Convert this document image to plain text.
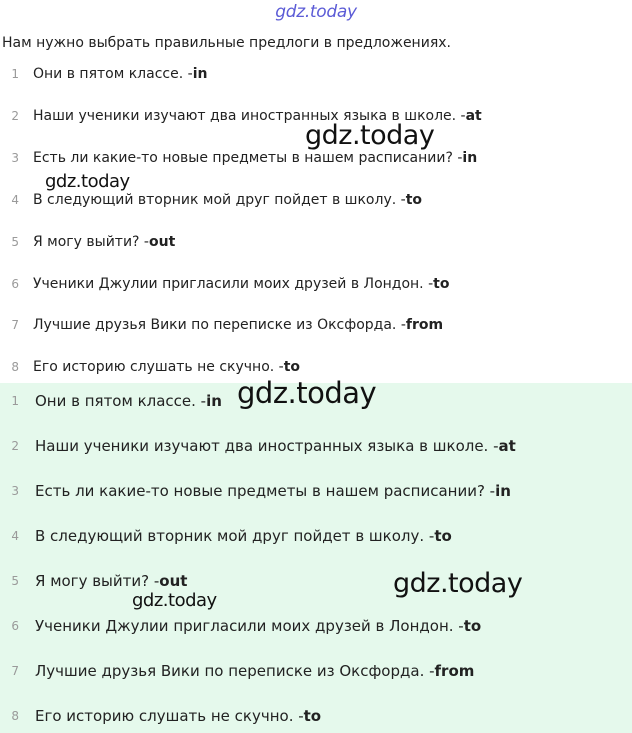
gdz.today
Нам нужно выбрать правильные предлоги в предложениях.
1 Они в пятом классе. - in
2 Наши ученики изучают два иностранных языка в школе. - at
3 Есть ли какие-то новые предметы в нашем расписании? - in
4 В следующий вторник мой друг пойдет в школу. - to
5 Я могу выйти? - out
6 Ученики Джулии пригласили моих друзей в Лондон. - to
7 Лучшие друзья Вики по переписке из Оксфорда. - from
8 Его историю слушать не скучно. - to
1 Они в пятом классе. - in
2 Наши ученики изучают два иностранных языка в школе. - at
3 Есть ли какие-то новые предметы в нашем расписании? - in
4 В следующий вторник мой друг пойдет в школу. - to
5 Я могу выйти? - out
6 Ученики Джулии пригласили моих друзей в Лондон. - to
7 Лучшие друзья Вики по переписке из Оксфорда. - from
8 Его историю слушать не скучно. - to
gdz.today
gdz.today
gdz.today
gdz.today
gdz.today
